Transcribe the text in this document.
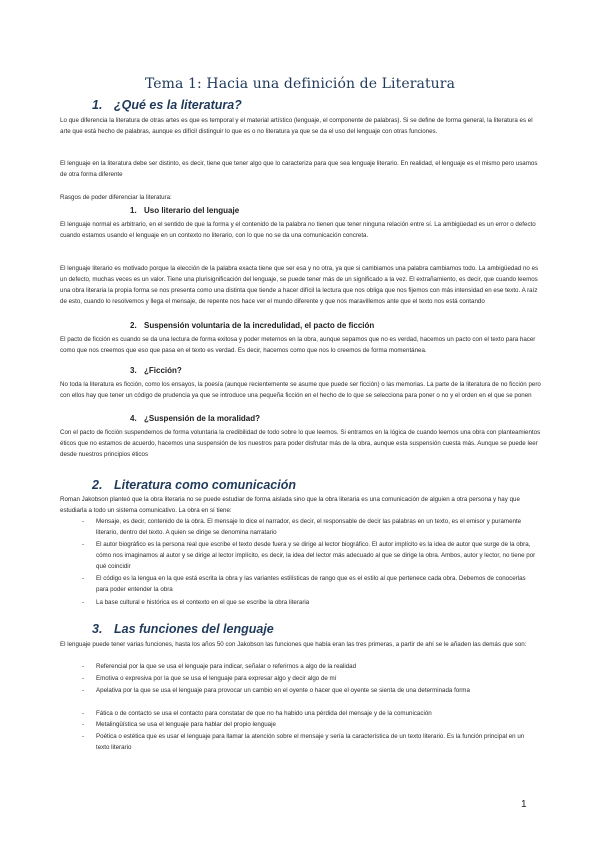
Tema 1: Hacia una definición de Literatura
1. ¿Qué es la literatura?
Lo que diferencia la literatura de otras artes es que es temporal y el material artístico (lenguaje, el componente de palabras). Si se define de forma general, la literatura es el arte que está hecho de palabras, aunque es difícil distinguir lo que es o no literatura ya que se da el uso del lenguaje con otras funciones.
El lenguaje en la literatura debe ser distinto, es decir, tiene que tener algo que lo caracteriza para que sea lenguaje literario. En realidad, el lenguaje es el mismo pero usamos de otra forma diferente
Rasgos de poder diferenciar la literatura:
1. Uso literario del lenguaje
El lenguaje normal es arbitrario, en el sentido de que la forma y el contenido de la palabra no tienen que tener ninguna relación entre sí. La ambigüedad es un error o defecto cuando estamos usando el lenguaje en un contexto no literario, con lo que no se da una comunicación concreta.
El lenguaje literario es motivado porque la elección de la palabra exacta tiene que ser esa y no otra, ya que si cambiamos una palabra cambiamos todo. La ambigüedad no es un defecto, muchas veces es un valor. Tiene una plurisignificación del lenguaje, se puede tener más de un significado a la vez. El extrañamiento, es decir, que cuando leemos una obra literaria la propia forma se nos presenta como una distinta que tiende a hacer difícil la lectura que nos obliga que nos fijemos con más intensidad en ese texto. A raíz de esto, cuando lo resolvemos y llega el mensaje, de repente nos hace ver el mundo diferente y que nos maravillemos ante que el texto nos está contando
2. Suspensión voluntaria de la incredulidad, el pacto de ficción
El pacto de ficción es cuando se da una lectura de forma exitosa y poder meternos en la obra, aunque sepamos que no es verdad, hacemos un pacto con el texto para hacer como que nos creemos que eso que pasa en el texto es verdad. Es decir, hacemos como que nos lo creemos de forma momentánea.
3. ¿Ficción?
No toda la literatura es ficción, como los ensayos, la poesía (aunque recientemente se asume que puede ser ficción) o las memorias. La parte de la literatura de no ficción pero con ellos hay que tener un código de prudencia ya que se introduce una pequeña ficción en el hecho de lo que se selecciona para poner o no y el orden en el que se ponen
4. ¿Suspensión de la moralidad?
Con el pacto de ficción suspendemos de forma voluntaria la credibilidad de todo sobre lo que leemos. Si entramos en la lógica de cuando leemos una obra con planteamientos éticos que no estamos de acuerdo, hacemos una suspensión de los nuestros para poder disfrutar más de la obra, aunque esta suspensión cuesta más. Aunque se puede leer desde nuestros principios éticos
2. Literatura como comunicación
Roman Jakobson planteó que la obra literaria no se puede estudiar de forma aislada sino que la obra literaria es una comunicación de alguien a otra persona y hay que estudiarla a todo un sistema comunicativo. La obra en sí tiene:
- Mensaje, es decir, contenido de la obra. El mensaje lo dice el narrador, es decir, el responsable de decir las palabras en un texto, es el emisor y puramente literario, dentro del texto. A quien se dirige se denomina narratario
- El autor biográfico es la persona real que escribe el texto desde fuera y se dirige al lector biográfico. El autor implícito es la idea de autor que surge de la obra, cómo nos imaginamos al autor y se dirige al lector implícito, es decir, la idea del lector más adecuado al que se dirige la obra. Ambos, autor y lector, no tiene por qué coincidir
- El código es la lengua en la que está escrita la obra y las variantes estilísticas de rango que es el estilo al que pertenece cada obra. Debemos de conocerlas para poder entender la obra
- La base cultural e histórica es el contexto en el que se escribe la obra literaria
3. Las funciones del lenguaje
El lenguaje puede tener varias funciones, hasta los años 50 con Jakobson las funciones que había eran las tres primeras, a partir de ahí se le añaden las demás que son:
- Referencial por la que se usa el lenguaje para indicar, señalar o referirnos a algo de la realidad
- Emotiva o expresiva por la que se usa el lenguaje para expresar algo y decir algo de mí
- Apelativa por la que se usa el lenguaje para provocar un cambio en el oyente o hacer que el oyente se sienta de una determinada forma
- Fática o de contacto se usa el contacto para constatar de que no ha habido una pérdida del mensaje y de la comunicación
- Metalingüística se usa el lenguaje para hablar del propio lenguaje
- Poética o estética que es usar el lenguaje para llamar la atención sobre el mensaje y sería la característica de un texto literario. Es la función principal en un texto literario
1
